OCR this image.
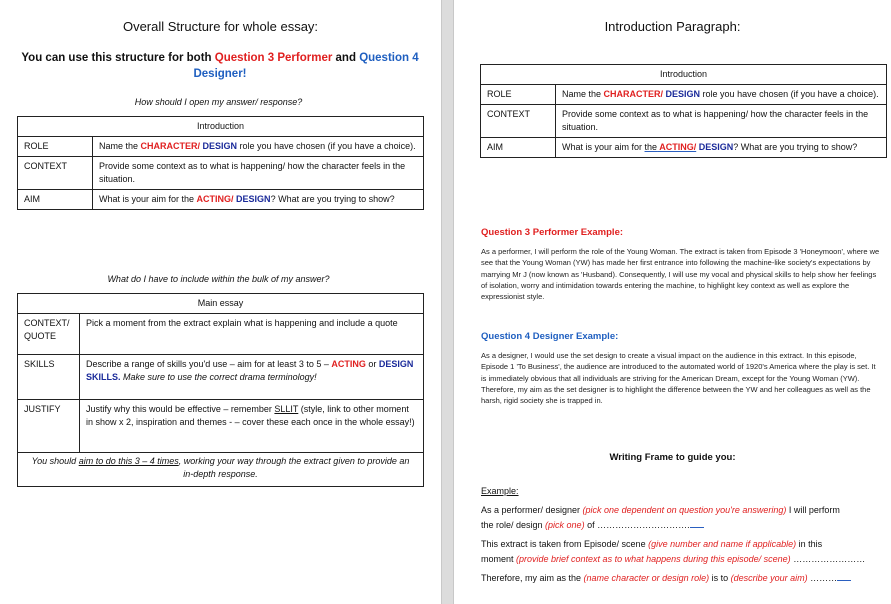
Overall Structure for whole essay:
You can use this structure for both Question 3 Performer and Question 4
Designer!
How should I open my answer/ response?
Introduction	
ROLE	Name the CHARACTER/ DESIGN role you have chosen (if you have a choice).
CONTEXT	Provide some context as to what is happening/ how the character feels in the situation.
AIM	What is your aim for the ACTING/ DESIGN? What are you trying to show?
What do I have to include within the bulk of my answer?
Main essay	
CONTEXT/
QUOTE	Pick a moment from the extract explain what is happening and include a quote
SKILLS	Describe a range of skills you'd use – aim for at least 3 to 5 – ACTING or DESIGN SKILLS. Make sure to use the correct drama terminology!
JUSTIFY	Justify why this would be effective – remember SLLIT (style, link to other moment in show x 2, inspiration and themes - – cover these each once in the whole essay!)
You should aim to do this 3 – 4 times, working your way through the extract given to provide an in-depth response.	
Introduction Paragraph:
Introduction	
ROLE	Name the CHARACTER/ DESIGN role you have chosen (if you have a choice).
CONTEXT	Provide some context as to what is happening/ how the character feels in the situation.
AIM	What is your aim for the ACTING/ DESIGN? What are you trying to show?
Question 3 Performer Example:
As a performer, I will perform the role of the Young Woman. The extract is taken from Episode 3 'Honeymoon', where we see that the Young Woman (YW) has made her first entrance into following the machine-like society's expectations by marrying Mr J (now known as 'Husband). Consequently, I will use my vocal and physical skills to help show her feelings of isolation, worry and intimidation towards entering the machine, to highlight key context as well as explore the expressionist style.
Question 4 Designer Example:
As a designer, I would use the set design to create a visual impact on the audience in this extract. In this episode, Episode 1 'To Business', the audience are introduced to the automated world of 1920's America where the play is set. It is immediately obvious that all individuals are striving for the American Dream, except for the Young Woman (YW). Therefore, my aim as the set designer is to highlight the difference between the YW and her colleagues as well as the harsh, rigid society she is trapped in.
Writing Frame to guide you:
Example:
As a performer/ designer (pick one dependent on question you're answering) I will perform
the role/ design (pick one) of ………………………….
This extract is taken from Episode/ scene (give number and name if applicable) in this
moment (provide brief context as to what happens during this episode/ scene) ……………………
Therefore, my aim as the (name character or design role) is to (describe your aim) ………
